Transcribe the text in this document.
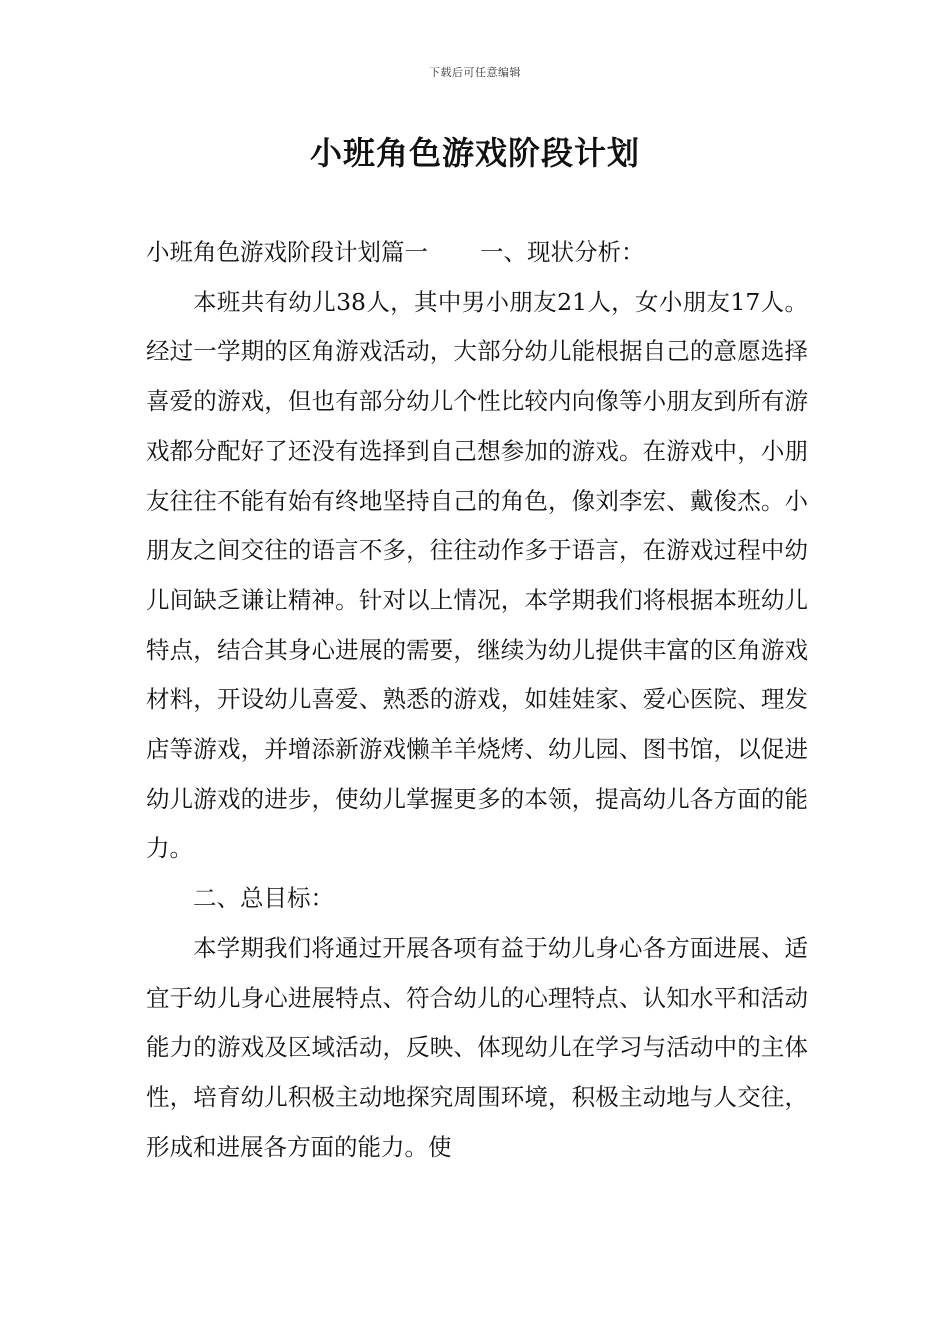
下载后可任意编辑
小班角色游戏阶段计划

小班角色游戏阶段计划篇一 一、现状分析：

本班共有幼儿38人，其中男小朋友21人，女小朋友17人。经过一学期的区角游戏活动，大部分幼儿能根据自己的意愿选择喜爱的游戏，但也有部分幼儿个性比较内向像等小朋友到所有游戏都分配好了还没有选择到自己想参加的游戏。在游戏中，小朋友往往不能有始有终地坚持自己的角色，像刘李宏、戴俊杰。小朋友之间交往的语言不多，往往动作多于语言，在游戏过程中幼儿间缺乏谦让精神。针对以上情况，本学期我们将根据本班幼儿特点，结合其身心进展的需要，继续为幼儿提供丰富的区角游戏材料，开设幼儿喜爱、熟悉的游戏，如娃娃家、爱心医院、理发店等游戏，并增添新游戏懒羊羊烧烤、幼儿园、图书馆，以促进幼儿游戏的进步，使幼儿掌握更多的本领，提高幼儿各方面的能力。

二、总目标：

本学期我们将通过开展各项有益于幼儿身心各方面进展、适宜于幼儿身心进展特点、符合幼儿的心理特点、认知水平和活动能力的游戏及区域活动，反映、体现幼儿在学习与活动中的主体性，培育幼儿积极主动地探究周围环境，积极主动地与人交往，形成和进展各方面的能力。使
